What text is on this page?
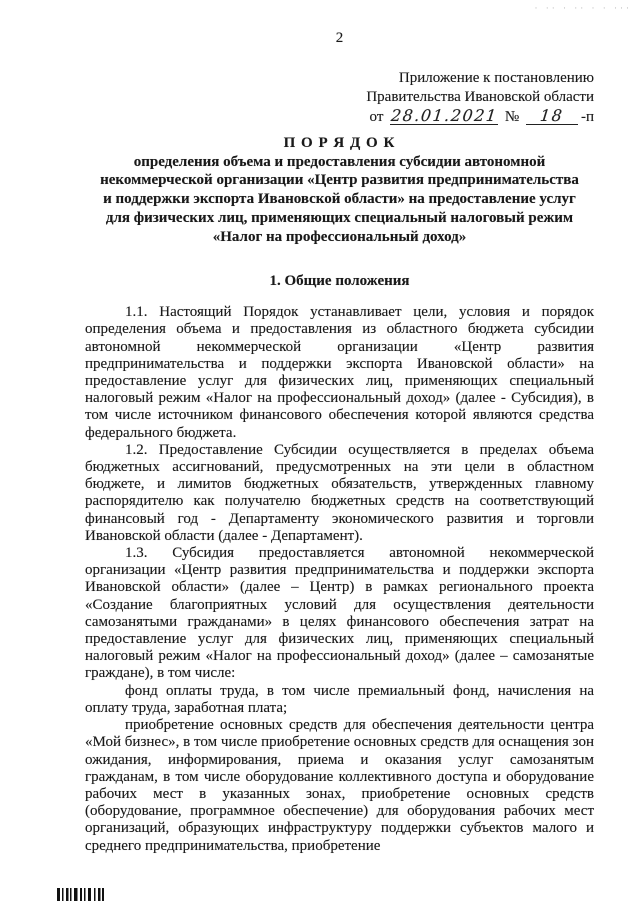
· ·· · ·· · · ···
2
Приложение к постановлению
Правительства Ивановской области
от 28.01.2021 № 18 -п
П О Р Я Д О К
определения объема и предоставления субсидии автономной
некоммерческой организации «Центр развития предпринимательства
и поддержки экспорта Ивановской области» на предоставление услуг
для физических лиц, применяющих специальный налоговый режим
«Налог на профессиональный доход»
1. Общие положения

1.1. Настоящий Порядок устанавливает цели, условия и порядок определения объема и предоставления из областного бюджета субсидии автономной некоммерческой организации «Центр развития предпринимательства и поддержки экспорта Ивановской области» на предоставление услуг для физических лиц, применяющих специальный налоговый режим «Налог на профессиональный доход» (далее - Субсидия), в том числе источником финансового обеспечения которой являются средства федерального бюджета.

1.2. Предоставление Субсидии осуществляется в пределах объема бюджетных ассигнований, предусмотренных на эти цели в областном бюджете, и лимитов бюджетных обязательств, утвержденных главному распорядителю как получателю бюджетных средств на соответствующий финансовый год - Департаменту экономического развития и торговли Ивановской области (далее - Департамент).

1.3. Субсидия предоставляется автономной некоммерческой организации «Центр развития предпринимательства и поддержки экспорта Ивановской области» (далее – Центр) в рамках регионального проекта «Создание благоприятных условий для осуществления деятельности самозанятыми гражданами» в целях финансового обеспечения затрат на предоставление услуг для физических лиц, применяющих специальный налоговый режим «Налог на профессиональный доход» (далее – самозанятые граждане), в том числе:

фонд оплаты труда, в том числе премиальный фонд, начисления на оплату труда, заработная плата;

приобретение основных средств для обеспечения деятельности центра «Мой бизнес», в том числе приобретение основных средств для оснащения зон ожидания, информирования, приема и оказания услуг самозанятым гражданам, в том числе оборудование коллективного доступа и оборудование рабочих мест в указанных зонах, приобретение основных средств (оборудование, программное обеспечение) для оборудования рабочих мест организаций, образующих инфраструктуру поддержки субъектов малого и среднего предпринимательства, приобретение
